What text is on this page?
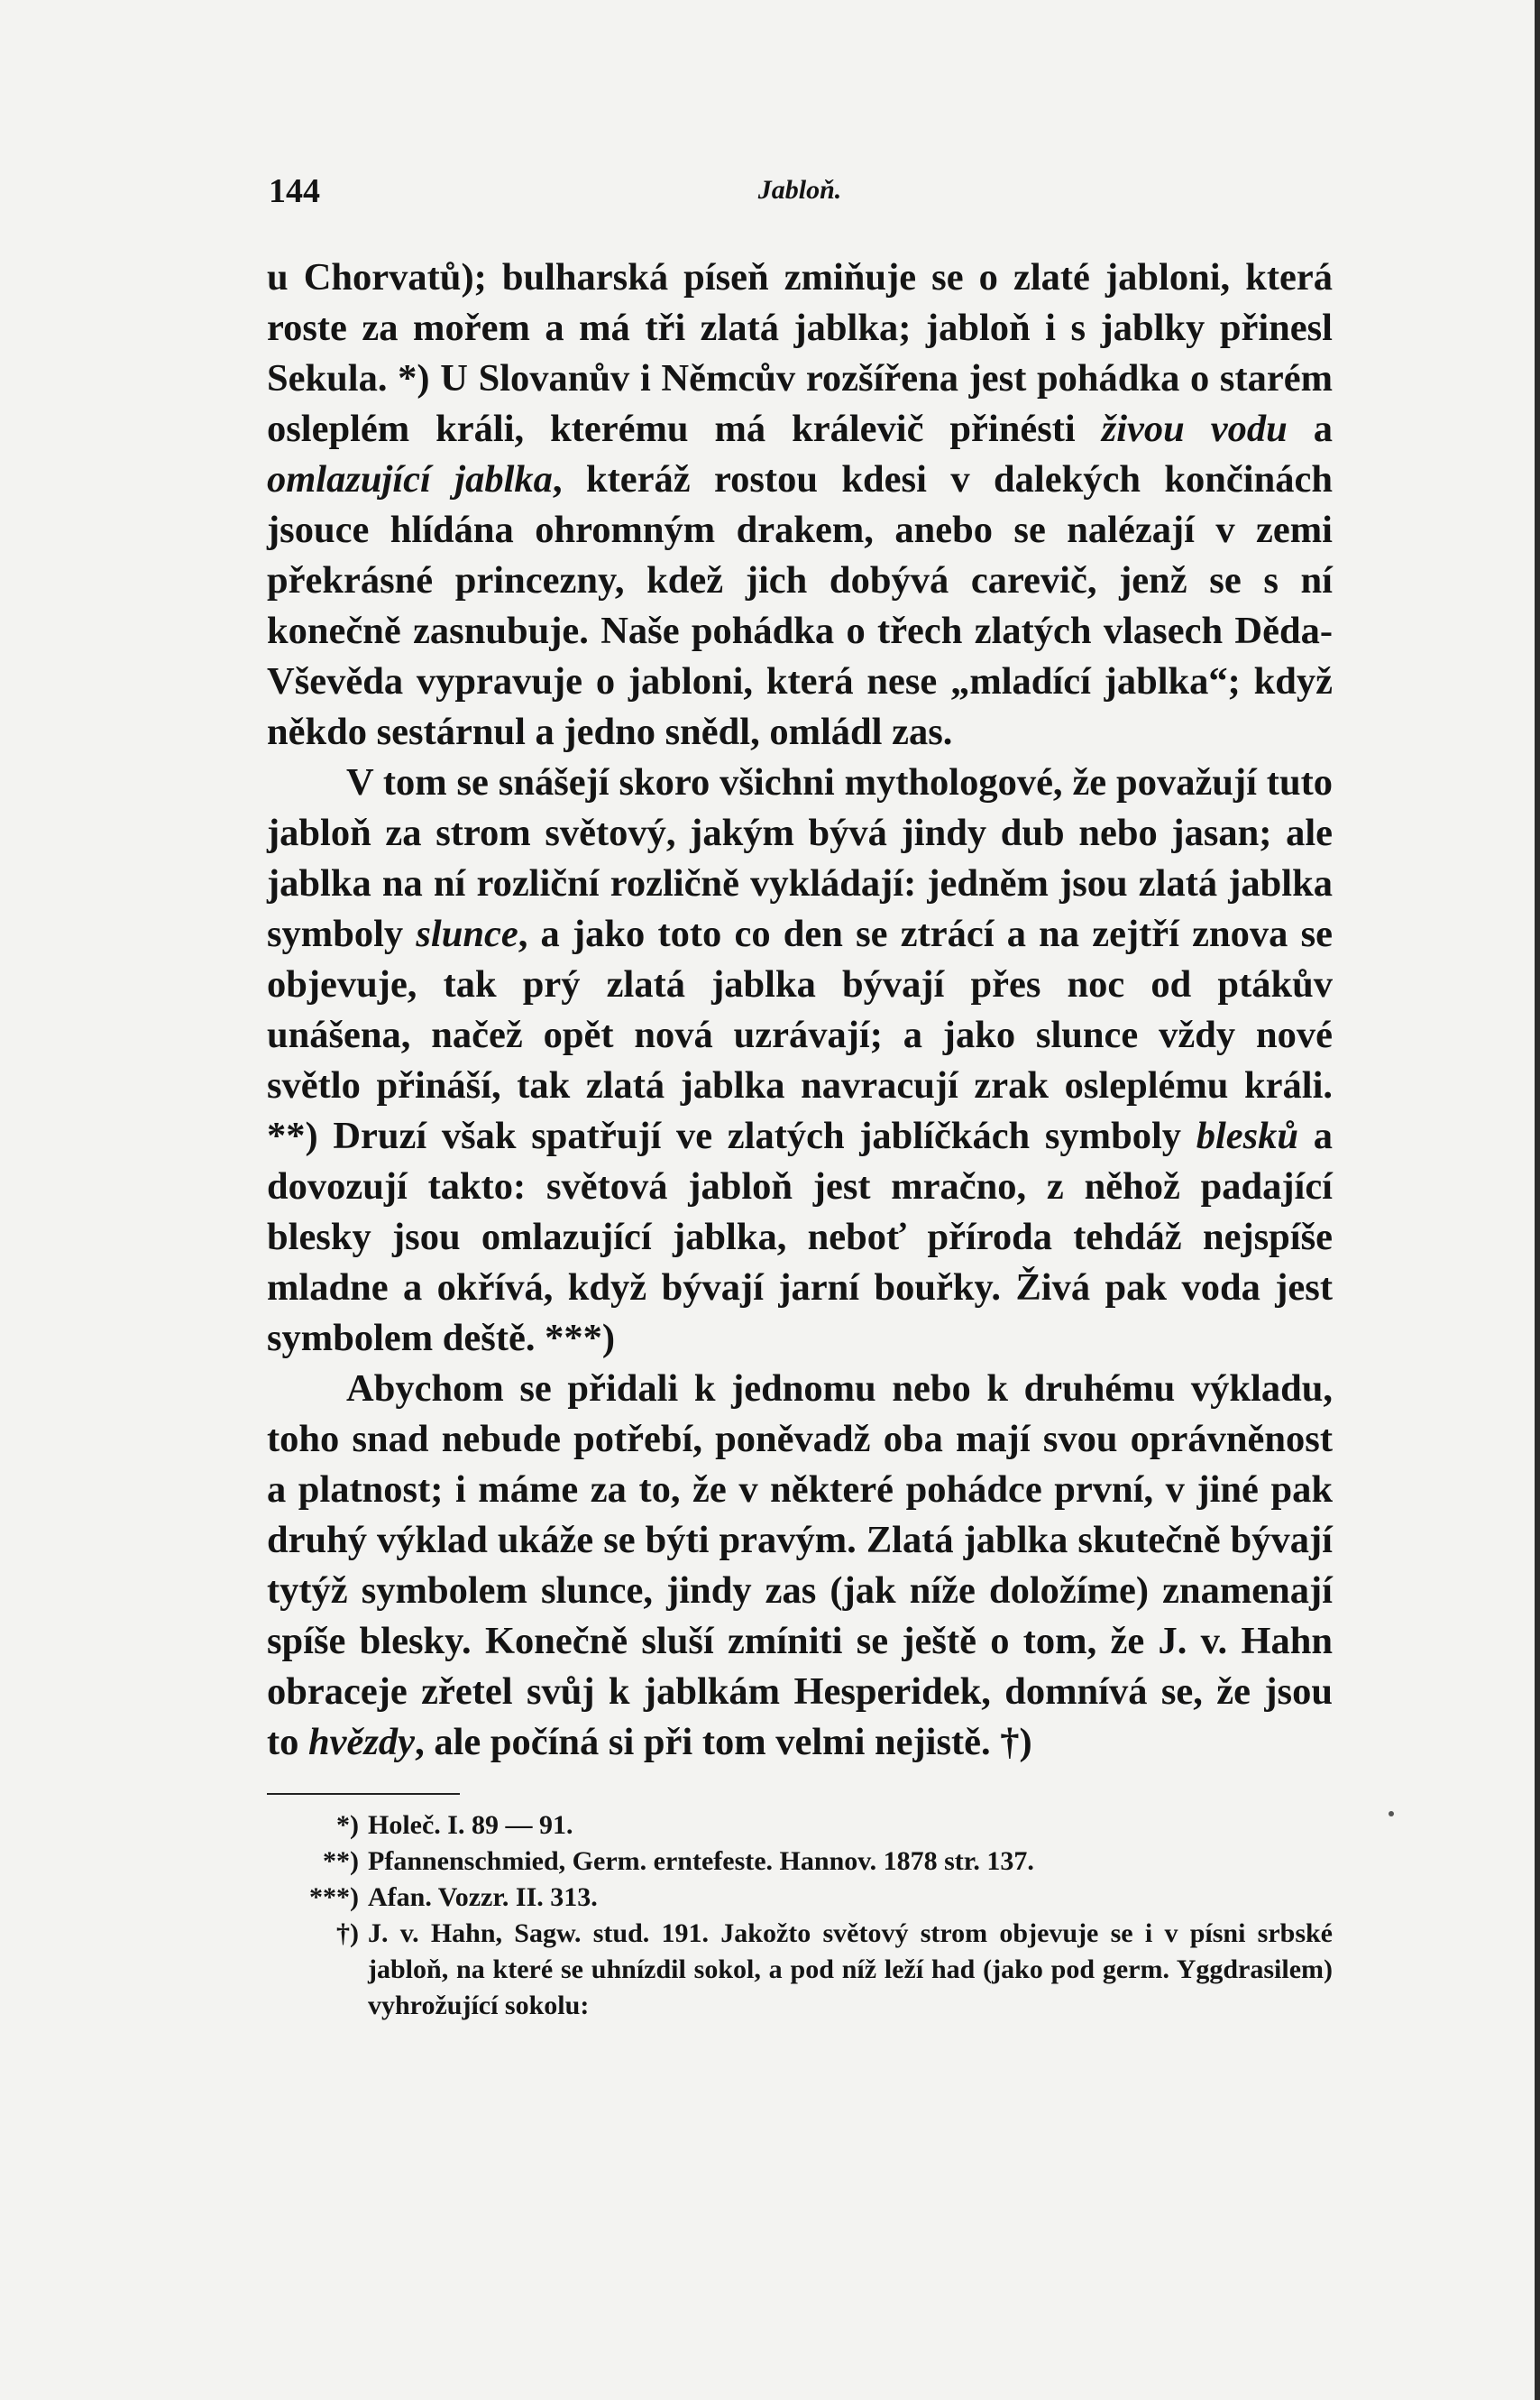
144	Jabloň.

u Chorvatů); bulharská píseň zmiňuje se o zlaté jabloni, která roste za mořem a má tři zlatá jablka; jabloň i s jablky přinesl Sekula. *) U Slovanův i Němcův rozšířena jest pohádka o starém osleplém králi, kterému má králevič přinésti živou vodu a omlazující jablka, kteráž rostou kdesi v dalekých končinách jsouce hlídána ohromným drakem, anebo se nalézají v zemi překrásné princezny, kdež jich dobývá carevič, jenž se s ní konečně zasnubuje. Naše pohádka o třech zlatých vlasech Děda-Vševěda vypravuje o jabloni, která nese „mladící jablka“; když někdo sestárnul a jedno snědl, omládl zas.

V tom se snášejí skoro všichni mythologové, že považují tuto jabloň za strom světový, jakým bývá jindy dub nebo jasan; ale jablka na ní rozliční rozličně vykládají: jedněm jsou zlatá jablka symboly slunce, a jako toto co den se ztrácí a na zejtří znova se objevuje, tak prý zlatá jablka bývají přes noc od ptákův unášena, načež opět nová uzrávají; a jako slunce vždy nové světlo přináší, tak zlatá jablka navracují zrak osleplému králi. **) Druzí však spatřují ve zlatých jablíčkách symboly blesků a dovozují takto: světová jabloň jest mračno, z něhož padající blesky jsou omlazující jablka, neboť příroda tehdáž nejspíše mladne a okřívá, když bývají jarní bouřky. Živá pak voda jest symbolem deště. ***)

Abychom se přidali k jednomu nebo k druhému výkladu, toho snad nebude potřebí, poněvadž oba mají svou oprávněnost a platnost; i máme za to, že v některé pohádce první, v jiné pak druhý výklad ukáže se býti pravým. Zlatá jablka skutečně bývají tytýž symbolem slunce, jindy zas (jak níže doložíme) znamenají spíše blesky. Konečně sluší zmíniti se ještě o tom, že J. v. Hahn obraceje zřetel svůj k jablkám Hesperidek, domnívá se, že jsou to hvězdy, ale počíná si při tom velmi nejistě. †)

*) Holeč. I. 89 — 91.
**) Pfannenschmied, Germ. erntefeste. Hannov. 1878 str. 137.
***) Afan. Vozzr. II. 313.
†) J. v. Hahn, Sagw. stud. 191. Jakožto světový strom objevuje se i v písni srbské jabloň, na které se uhnízdil sokol, a pod níž leží had (jako pod germ. Yggdrasilem) vyhrožující sokolu:
